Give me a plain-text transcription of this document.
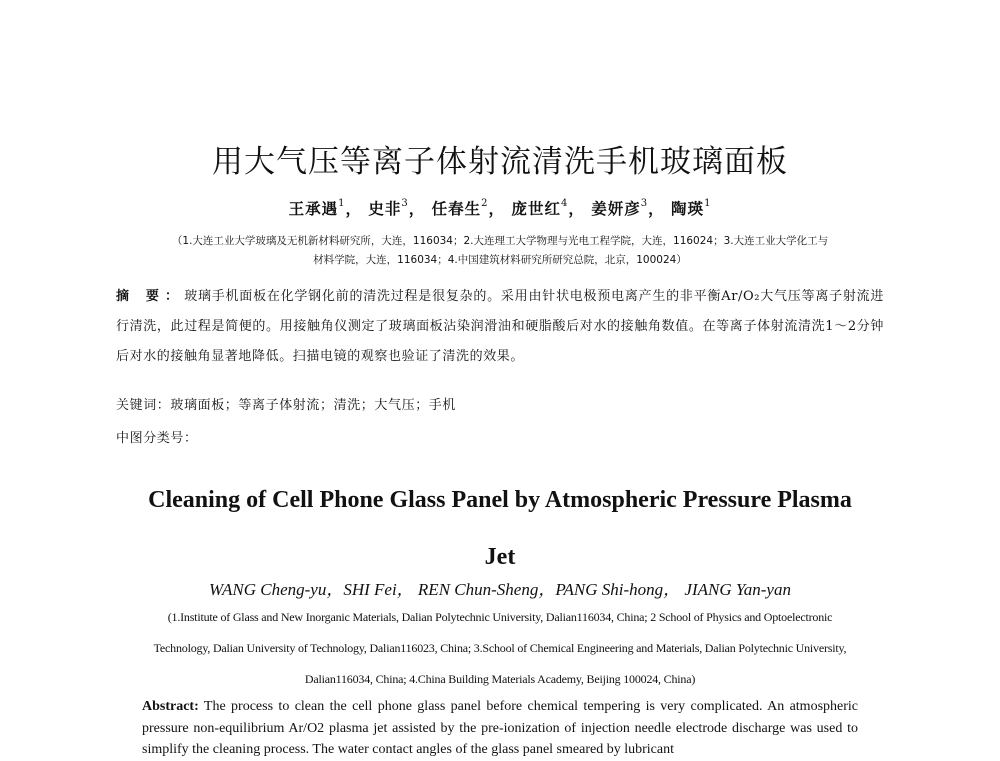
用大气压等离子体射流清洗手机玻璃面板
王承遇$^1$， 史非$^3$， 任春生$^2$， 庞世红$^4$， 姜妍彦$^3$， 陶瑛$^1$
（1.大连工业大学玻璃及无机新材料研究所，大连，116034；2.大连理工大学物理与光电工程学院，大连，116024；3.大连工业大学化工与
材料学院，大连，116034；4.中国建筑材料研究所研究总院，北京，100024）
摘 要：玻璃手机面板在化学钢化前的清洗过程是很复杂的。采用由针状电极预电离产生的非平衡Ar/O₂大气压等离子射流进行清洗，此过程是简便的。用接触角仪测定了玻璃面板沾染润滑油和硬脂酸后对水的接触角数值。在等离子体射流清洗1～2分钟后对水的接触角显著地降低。扫描电镜的观察也验证了清洗的效果。
关键词：玻璃面板；等离子体射流；清洗；大气压；手机
中图分类号：
Cleaning of Cell Phone Glass Panel by Atmospheric Pressure Plasma Jet
WANG Cheng-yu，SHI Fei， REN Chun-Sheng，PANG Shi-hong， JIANG Yan-yan
(1.Institute of Glass and New Inorganic Materials, Dalian Polytechnic University, Dalian116034, China; 2 School of Physics and Optoelectronic Technology, Dalian University of Technology, Dalian116023, China; 3.School of Chemical Engineering and Materials, Dalian Polytechnic University, Dalian116034, China; 4.China Building Materials Academy, Beijing 100024, China)
Abstract: The process to clean the cell phone glass panel before chemical tempering is very complicated. An atmospheric pressure non-equilibrium Ar/O2 plasma jet assisted by the pre-ionization of injection needle electrode discharge was used to simplify the cleaning process. The water contact angles of the glass panel smeared by lubricant
